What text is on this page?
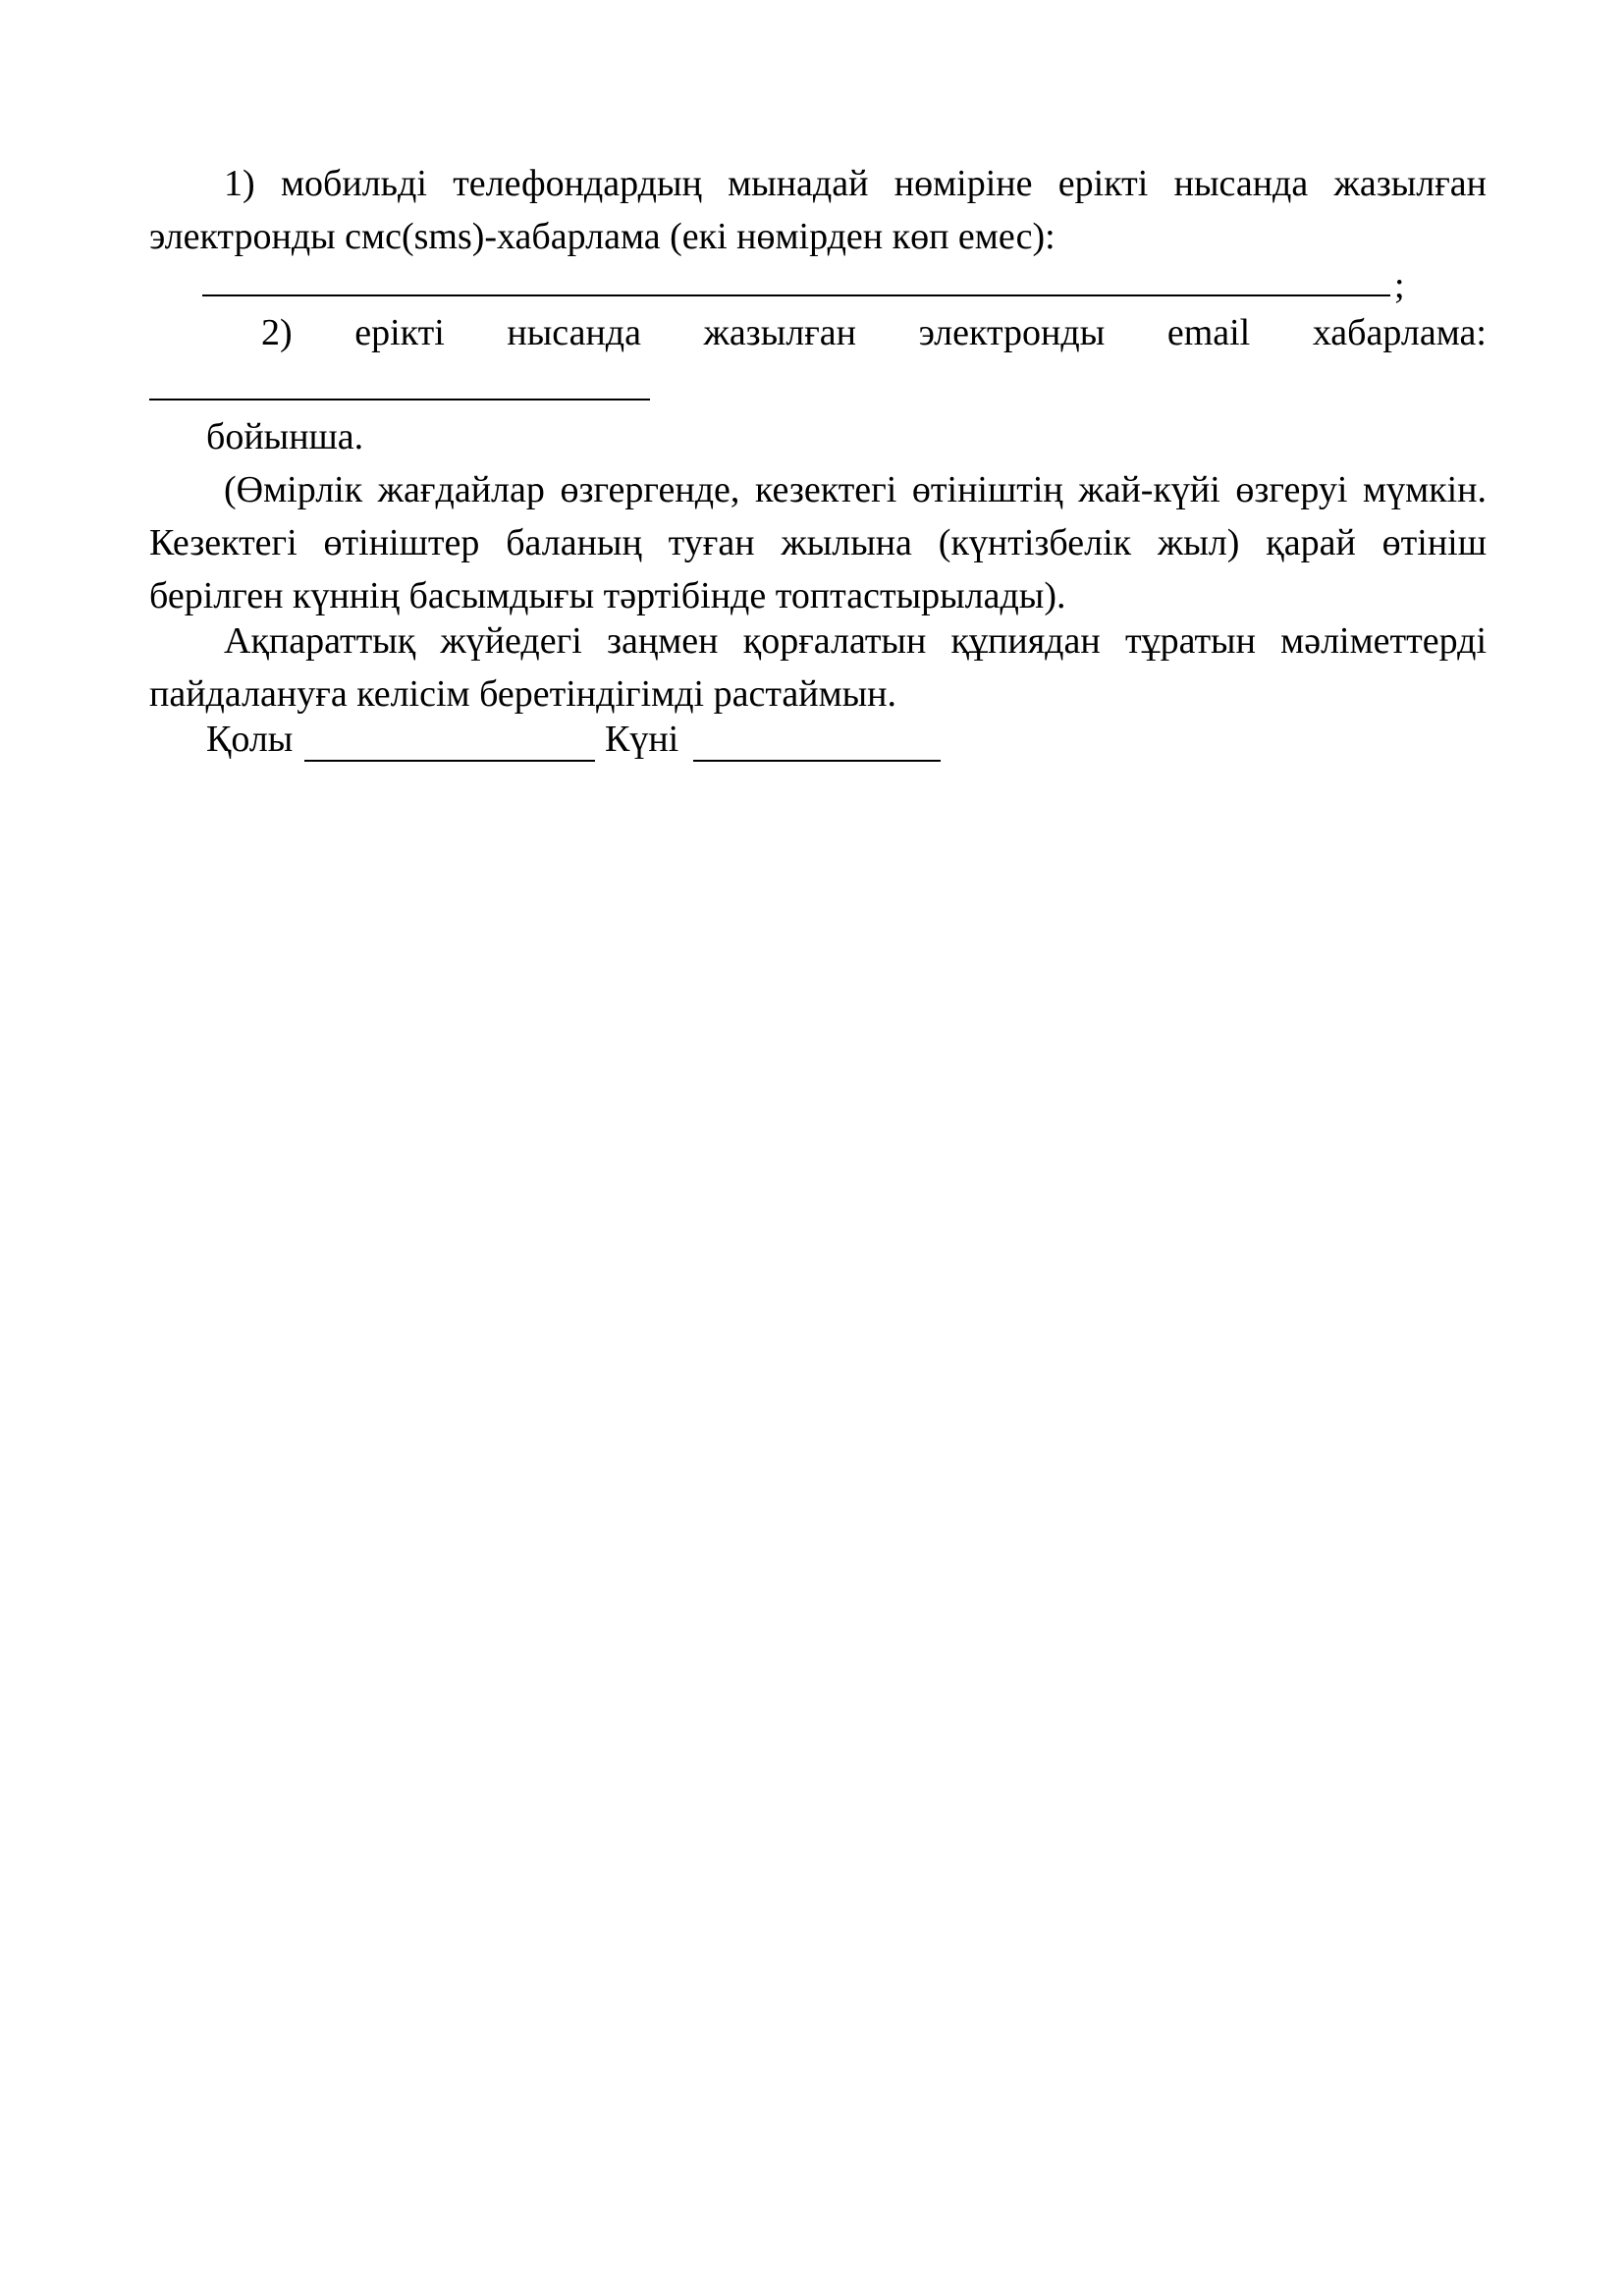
1) мобильді телефондардың мынадай нөміріне ерікті нысанда жазылған электронды смс(sms)-хабарлама (екі нөмірден көп емес):

;
2) ерікті нысанда жазылған электронды email хабарлама:
бойынша.

(Өмірлік жағдайлар өзгергенде, кезектегі өтініштің жай-күйі өзгеруі мүмкін. Кезектегі өтініштер баланың туған жылына (күнтізбелік жыл) қарай өтініш берілген күннің басымдығы тәртібінде топтастырылады).

Ақпараттық жүйедегі заңмен қорғалатын құпиядан тұратын мәліметтерді пайдалануға келісім беретіндігімді растаймын.

Қолы	Күні
